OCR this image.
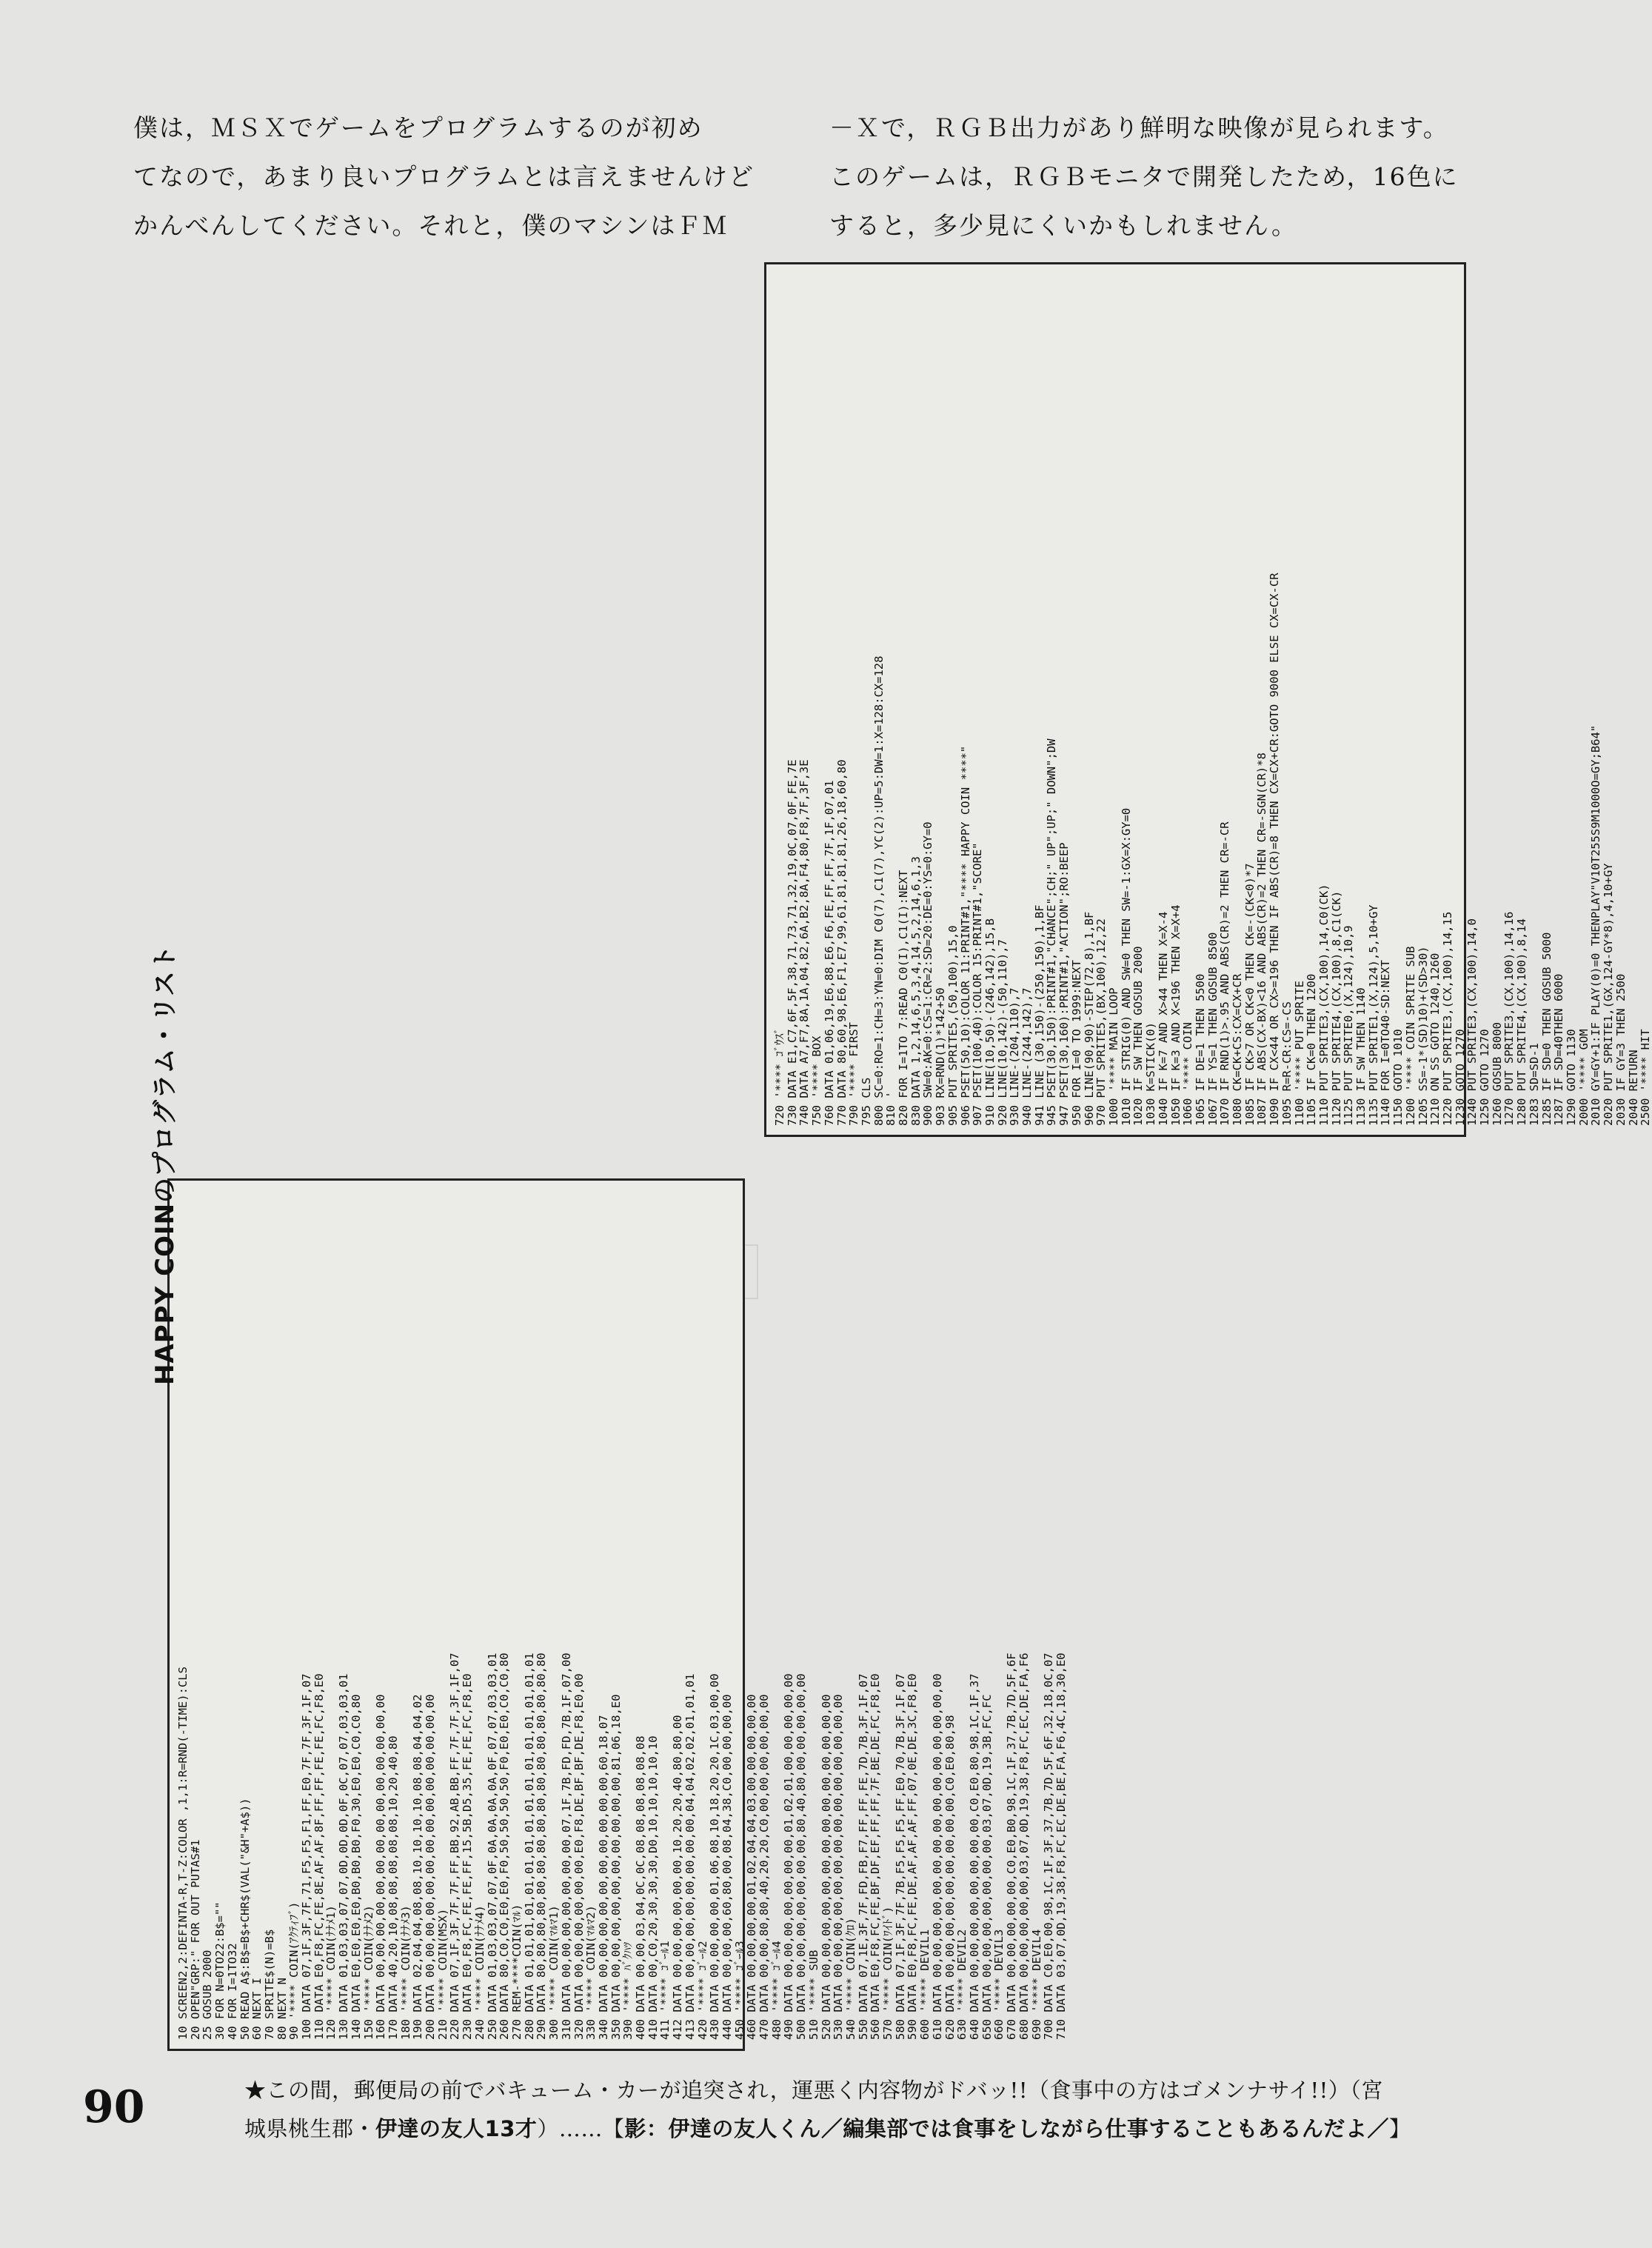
僕は，ＭＳＸでゲームをプログラムするのが初め
てなので，あまり良いプログラムとは言えませんけど
かんべんしてください。それと，僕のマシンはＦＭ
－Ｘで，ＲＧＢ出力があり鮮明な映像が見られます。
このゲームは，ＲＧＢモニタで開発したため，16色に
すると，多少見にくいかもしれません。
720 '**** ｺﾞｳｽﾞ
730 DATA E1,C7,6F,5F,38,71,73,71,32,19,0C,07,0F,FE,7E
740 DATA A7,F7,8A,1A,04,82,6A,B2,8A,F4,80,F8,7F,3F,3E
750 '**** BOX
760 DATA 01,06,19,E6,88,E6,F6,FE,FF,FF,7F,1F,07,01
770 DATA 80,60,98,E6,F1,E7,99,61,81,81,81,26,18,60,80
790 '**** FIRST
795 CLS
800 SC=0:RO=1:CH=3:YN=0:DIM C0(7),C1(7),YC(2):UP=5:DW=1:X=128:CX=128
810 '
820 FOR I=1TO 7:READ C0(I),C1(I):NEXT
830 DATA 1,2,14,6,5,3,4,14,5,2,14,6,1,3
900 SW=0:AK=0:CS=1:CR=2:SD=20:DE=0:YS=0:GY=0
903 RX=RND(1)*142+50
905 PUT SPRITE5,(50,100),15,0
906 PSET(50,10):COLOR 11:PRINT#1,"**** HAPPY COIN ****"
907 PSET(100,40):COLOR 15:PRINT#1,"SCORE"
910 LINE(10,50)-(246,142),15,B
920 LINE(10,142)-(50,110),7
930 LINE-(204,110),7
940 LINE-(244,142),7
941 LINE (30,150)-(250,150),1,BF
945 PSET(30,150):PRINT#1,"CHANCE";CH;" UP";UP;" DOWN";DW
947 PSET(30,160):PRINT#1,"ACTION";RO:BEEP
950 FOR I=0 TO 1999:NEXT
960 LINE(90,90)-STEP(72,8),1,BF
970 PUT SPRITE5,(BX,100),12,22
1000 '**** MAIN LOOP
1010 IF STRIG(0) AND SW=0 THEN SW=-1:GX=X:GY=0
1020 IF SW THEN GOSUB 2000
1030 K=STICK(0)
1040 IF K=7 AND X>44 THEN X=X-4
1050 IF K=3 AND X<196 THEN X=X+4
1060 '**** COIN
1065 IF DE=1 THEN 5500
1067 IF YS=1 THEN GOSUB 8500
1070 IF RND(1)>.95 AND ABS(CR)=2 THEN CR=-CR
1080 CK=CK+CS:CX=CX+CR
1085 IF CK>7 OR CK<0 THEN CK=-(CK<0)*7
1087 IF ABS(CX-BX)<16 AND ABS(CR)=2 THEN CR=-SGN(CR)*8
1090 IF CX<44 OR CX>=196 THEN IF ABS(CR)=8 THEN CX=CX+CR:GOTO 9000 ELSE CX=CX-CR
1095 R=R-CR:CS=-CS
1100 '**** PUT SPRITE
1105 IF CK=0 THEN 1200
1110 PUT SPRITE3,(CX,100),14,C0(CK)
1120 PUT SPRITE4,(CX,100),8,C1(CK)
1125 PUT SPRITE0,(X,124),10,9
1130 IF SW THEN 1140
1135 PUT SPRITE1,(X,124),5,10+GY
1140 FOR I=0TO40-SD:NEXT
1150 GOTO 1010
1200 '**** COIN SPRITE SUB
1205 SS=-1*(SD)10)+(SD>30)
1210 ON SS GOTO 1240,1260
1220 PUT SPRITE3,(CX,100),14,15
1230 GOTO 1270
1240 PUT SPRITE3,(CX,100),14,0
1250 GOTO 1270
1260 GOSUB 8000
1270 PUT SPRITE3,(CX,100),14,16
1280 PUT SPRITE4,(CX,100),8,14
1283 SD=SD-1
1285 IF SD=0 THEN GOSUB 5000
1287 IF SD=40THEN 6000
1290 GOTO 1130
2000 '**** GOM
2010 GY=GY+1:IF PLAY(0)=0 THENPLAY"V10T255S9M1000O=GY;B64"
2020 PUT SPRITE1,(GX,124-GY*8),4,10+GY
2030 IF GY=3 THEN 2500
2040 RETURN
2500 '**** HIT
10 SCREEN2,2:DEFINTA-R,T-Z:COLOR ,1,1:R=RND(-TIME):CLS
20 OPEN"GRP:" FOR OUT PUTAS#1
25 GOSUB 2000
30 FOR N=0TO22:B$=""
40 FOR I=1TO32
50 READ A$:B$=B$+CHR$(VAL("&H"+A$))
60 NEXT I
70 SPRITE$(N)=B$
80 NEXT N
90 '**** COIN(ｱｸﾃｨﾌﾞ)
100 DATA 07,1F,3F,7F,71,F5,F5,F1,FF,E0,7F,7F,3F,1F,07
110 DATA E0,F8,FC,FE,8E,AF,AF,8F,FF,FF,FE,FE,FC,F8,E0
120 '**** COIN(ﾅﾅﾒ1)
130 DATA 01,03,03,07,07,0D,0D,0D,0F,0C,07,07,03,03,01
140 DATA E0,E0,E0,E0,B0,B0,B0,F0,30,E0,E0,C0,C0,80
150 '**** COIN(ﾅﾅﾒ2)
160 DATA 00,00,00,00,00,00,00,00,00,00,00,00,00,00
170 DATA 40,20,10,08,08,08,08,08,10,20,40,80
180 '**** COIN(ﾅﾅﾒ3)
190 DATA 02,04,04,08,08,10,10,10,10,08,08,04,04,02
200 DATA 00,00,00,00,00,00,00,00,00,00,00,00,00,00
210 '**** COIN(MSX)
220 DATA 07,1F,3F,7F,7F,FF,BB,92,AB,BB,FF,7F,7F,3F,1F,07
230 DATA E0,F8,FC,FE,FE,FF,15,5B,D5,35,FE,FE,FC,F8,E0
240 '**** COIN(ﾅﾅﾒ4)
250 DATA 01,03,03,07,07,0F,0A,0A,0A,0A,0F,07,07,03,03,01
260 DATA 80,C0,C0,E0,E0,F0,50,50,50,50,F0,E0,E0,C0,C0,80
270 REM-****COIN(ﾏﾙ)
280 DATA 01,01,01,01,01,01,01,01,01,01,01,01,01,01,01,01
290 DATA 80,80,80,80,80,80,80,80,80,80,80,80,80,80,80,80
300 '**** COIN(ﾏﾙﾏ1)
310 DATA 00,00,00,00,00,00,00,07,1F,7B,FD,FD,7B,1F,07,00
320 DATA 00,00,00,00,00,00,E0,F8,DE,BF,BF,DE,F8,E0,00
330 '**** COIN(ﾏﾙﾏ2)
340 DATA 00,00,00,00,00,00,00,00,00,00,60,18,07
350 DATA 00,00,00,00,00,00,00,00,00,00,81,06,18,E0
390 '**** ﾊﾞｸﾊﾂ
400 DATA 00,00,03,04,0C,0C,08,08,08,08,08,08
410 DATA 00,C0,20,30,30,30,D0,10,10,10,10,10
411 '**** ｺﾞｰﾙ1
412 DATA 00,00,00,00,00,00,10,20,20,40,80,80,00
413 DATA 00,00,00,00,00,00,00,00,04,04,02,02,01,01,01
420 '**** ｺﾞｰﾙ2
430 DATA 00,00,00,00,01,06,08,10,18,20,20,1C,03,00,00
440 DATA 00,00,00,60,80,00,08,04,38,C0,00,00,00,00
450 '**** ｺﾞｰﾙ3
460 DATA 00,00,00,00,01,02,04,04,03,00,00,00,00,00
470 DATA 00,00,80,80,40,20,20,C0,00,00,00,00,00,00
480 '**** ｺﾞｰﾙ4
490 DATA 00,00,00,00,00,00,00,01,02,01,00,00,00,00,00
500 DATA 00,00,00,00,00,00,00,80,40,80,00,00,00,00,00
510 '**** SUB
520 DATA 00,00,00,00,00,00,00,00,00,00,00,00,00,00
530 DATA 00,00,00,00,00,00,00,00,00,00,00,00,00,00
540 '**** COIN(ｸﾛ)
550 DATA 07,1E,3F,7F,FD,FB,F7,FF,FF,FE,7D,7B,3F,1F,07
560 DATA E0,F8,FC,FE,BF,DF,EF,FF,FF,7F,BE,DE,FC,F8,E0
570 '**** COIN(ﾜｲﾄﾞ)
580 DATA 07,1F,3F,7F,7B,F5,F5,F5,FF,E0,70,7B,3F,1F,07
590 DATA E0,F8,FC,FE,DE,AF,AF,AF,FF,07,0E,DE,3C,F8,E0
600 '**** DEVIL1
610 DATA 00,00,00,00,00,00,00,00,00,00,00,00,00,00,00
620 DATA 00,00,00,00,00,00,00,00,00,C0,E0,80,98
630 '**** DEVIL2
640 DATA 00,00,00,00,00,00,00,00,C0,E0,80,98,1C,1F,37
650 DATA 00,00,00,00,00,00,00,03,07,0D,19,3B,FC,FC
660 '**** DEVIL3
670 DATA 00,00,00,00,00,C0,E0,B0,98,1C,1F,37,7B,7D,5F,6F
680 DATA 00,00,00,00,00,03,07,0D,19,38,F8,FC,EC,DE,FA,F6
690 '**** DEVIL4
700 DATA C0,E0,00,98,1C,1F,3F,37,7B,7D,5F,6F,32,18,0C,07
710 DATA 03,07,0D,19,38,F8,FC,EC,DE,BE,FA,F6,4C,18,30,E0
HAPPY COINのプログラム・リスト
90	★この間，郵便局の前でバキューム・カーが追突され，運悪く内容物がドバッ!!（食事中の方はゴメンナサイ!!）（宮
城県桃生郡・伊達の友人13才）……【影：伊達の友人くん／編集部では食事をしながら仕事することもあるんだよ／】
